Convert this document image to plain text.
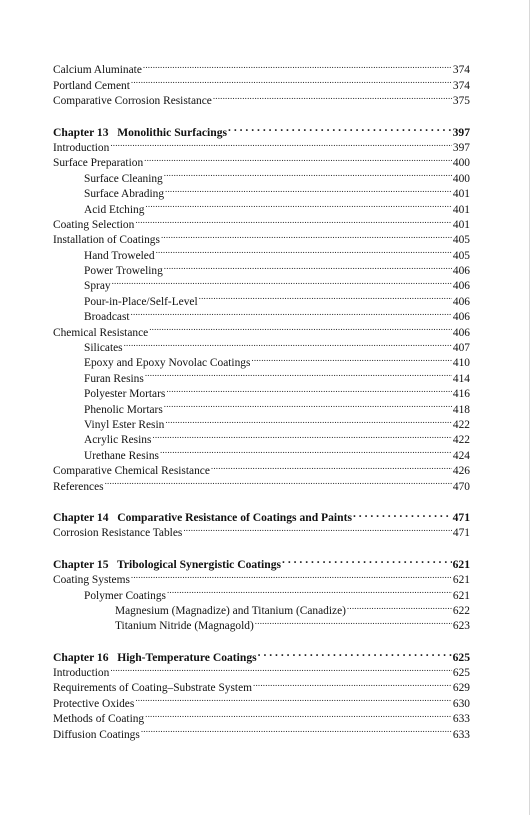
Calcium Aluminate .....	374
Portland Cement .....	374
Comparative Corrosion Resistance .....	375
Chapter 13   Monolithic Surfacings . . .	397
Introduction .....	397
Surface Preparation .....	400
Surface Cleaning .....	400
Surface Abrading .....	401
Acid Etching .....	401
Coating Selection .....	401
Installation of Coatings .....	405
Hand Troweled .....	405
Power Troweling .....	406
Spray .....	406
Pour-in-Place/Self-Level .....	406
Broadcast .....	406
Chemical Resistance .....	406
Silicates .....	407
Epoxy and Epoxy Novolac Coatings .....	410
Furan Resins .....	414
Polyester Mortars .....	416
Phenolic Mortars .....	418
Vinyl Ester Resin .....	422
Acrylic Resins .....	422
Urethane Resins .....	424
Comparative Chemical Resistance .....	426
References .....	470
Chapter 14   Comparative Resistance of Coatings and Paints . . .	471
Corrosion Resistance Tables .....	471
Chapter 15   Tribological Synergistic Coatings . . .	621
Coating Systems .....	621
Polymer Coatings .....	621
Magnesium (Magnadize) and Titanium (Canadize) .....	622
Titanium Nitride (Magnagold) .....	623
Chapter 16   High-Temperature Coatings . . .	625
Introduction .....	625
Requirements of Coating–Substrate System .....	629
Protective Oxides .....	630
Methods of Coating .....	633
Diffusion Coatings .....	633
